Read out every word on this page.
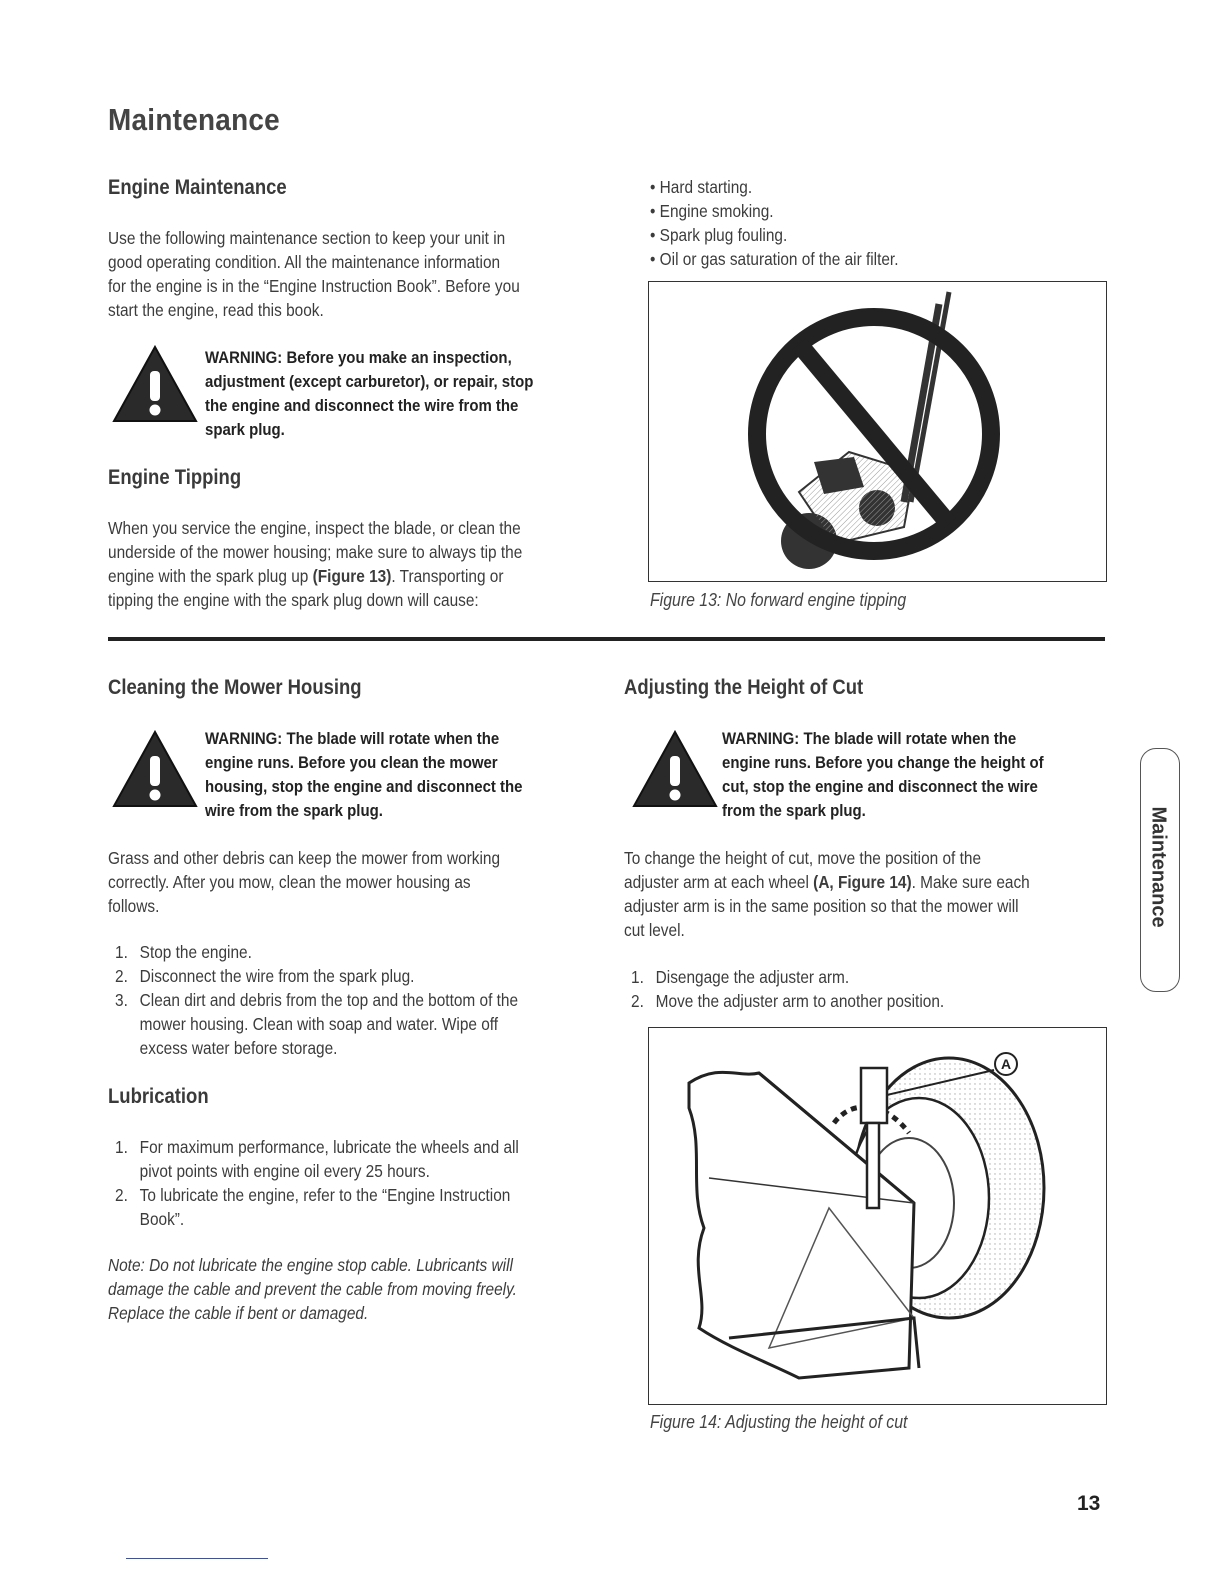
Maintenance
Engine Maintenance
Use the following maintenance section to keep your unit in
good operating condition. All the maintenance information
for the engine is in the “Engine Instruction Book”. Before you
start the engine, read this book.
WARNING: Before you make an inspection,
adjustment (except carburetor), or repair, stop
the engine and disconnect the wire from the
spark plug.
Engine Tipping
When you service the engine, inspect the blade, or clean the
underside of the mower housing; make sure to always tip the
engine with the spark plug up (Figure 13). Transporting or
tipping the engine with the spark plug down will cause:
• Hard starting.
• Engine smoking.
• Spark plug fouling.
• Oil or gas saturation of the air filter.
Figure 13: No forward engine tipping
Cleaning the Mower Housing
WARNING: The blade will rotate when the
engine runs. Before you clean the mower
housing, stop the engine and disconnect the
wire from the spark plug.
Grass and other debris can keep the mower from working
correctly. After you mow, clean the mower housing as
follows.
1. Stop the engine.
2. Disconnect the wire from the spark plug.
3. Clean dirt and debris from the top and the bottom of the
mower housing. Clean with soap and water. Wipe off
excess water before storage.
Lubrication
1. For maximum performance, lubricate the wheels and all
pivot points with engine oil every 25 hours.
2. To lubricate the engine, refer to the “Engine Instruction
Book”.
Note: Do not lubricate the engine stop cable. Lubricants will
damage the cable and prevent the cable from moving freely.
Replace the cable if bent or damaged.
Adjusting the Height of Cut
WARNING: The blade will rotate when the
engine runs. Before you change the height of
cut, stop the engine and disconnect the wire
from the spark plug.
To change the height of cut, move the position of the
adjuster arm at each wheel (A, Figure 14). Make sure each
adjuster arm is in the same position so that the mower will
cut level.
1. Disengage the adjuster arm.
2. Move the adjuster arm to another position.
A
Figure 14: Adjusting the height of cut
Maintenance
13
